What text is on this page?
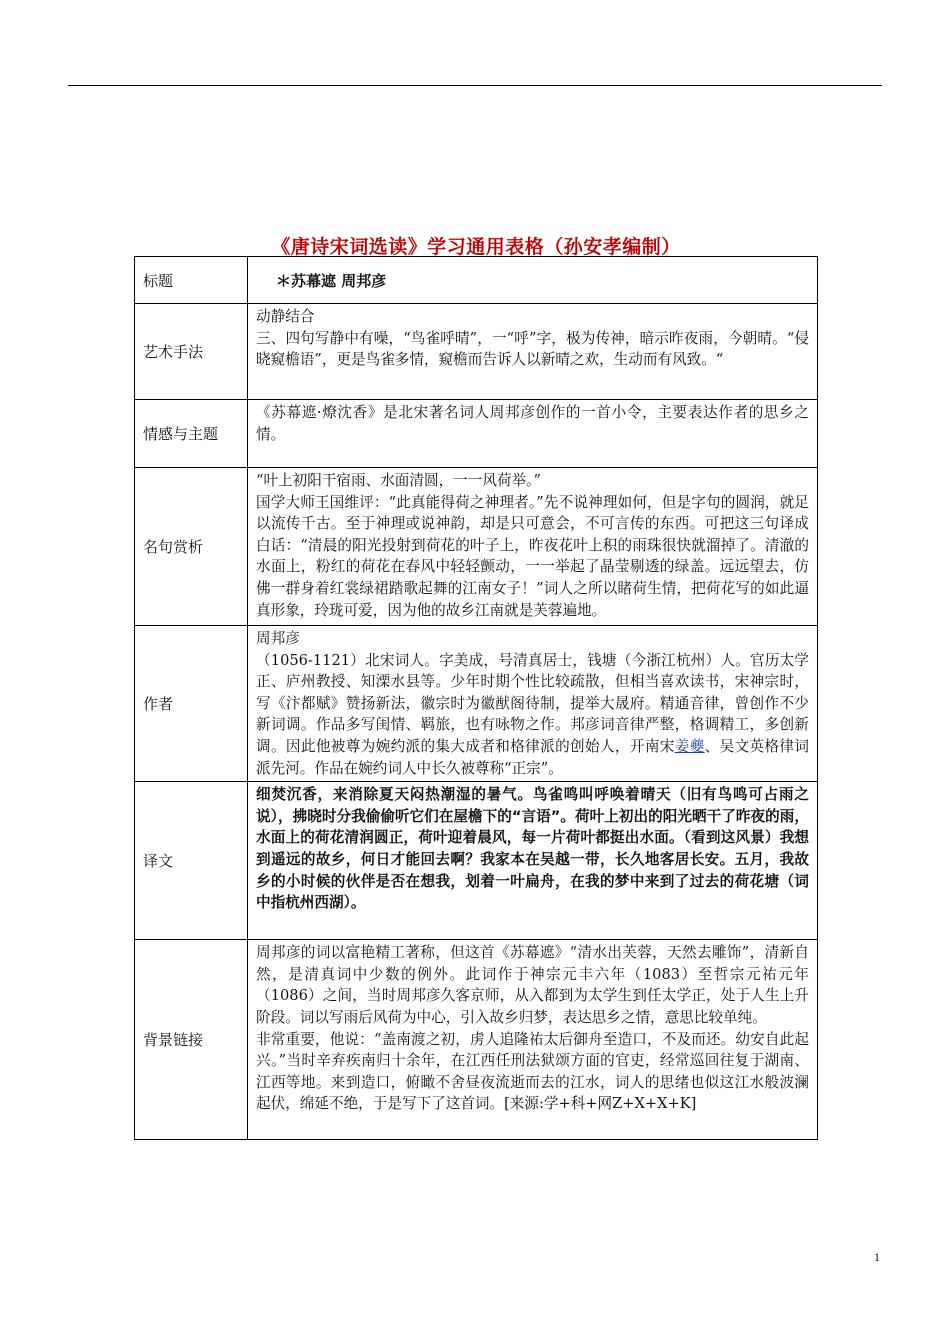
《唐诗宋词选读》学习通用表格（孙安孝编制）
标题	＊苏幕遮 周邦彦
艺术手法	动静结合
三、四句写静中有噪，“鸟雀呼晴”，一“呼”字，极为传神，暗示昨夜雨，今朝晴。“侵晓窥檐语”，更是鸟雀多情，窥檐而告诉人以新晴之欢，生动而有风致。“

情感与主题	《苏幕遮·燎沈香》是北宋著名词人周邦彦创作的一首小令，主要表达作者的思乡之情。
名句赏析	“叶上初阳干宿雨、水面清圆，一一风荷举。”
国学大师王国维评：“此真能得荷之神理者。”先不说神理如何，但是字句的圆润，就足以流传千古。至于神理或说神韵，却是只可意会，不可言传的东西。可把这三句译成白话：“清晨的阳光投射到荷花的叶子上，昨夜花叶上积的雨珠很快就溜掉了。清澈的水面上，粉红的荷花在春风中轻轻颤动，一一举起了晶莹剔透的绿盖。远远望去，仿佛一群身着红裳绿裙踏歌起舞的江南女子！”词人之所以睹荷生情，把荷花写的如此逼真形象，玲珑可爱，因为他的故乡江南就是芙蓉遍地。

作者	周邦彦
（1056-1121）北宋词人。字美成，号清真居士，钱塘（今浙江杭州）人。官历太学正、庐州教授、知溧水县等。少年时期个性比较疏散，但相当喜欢读书，宋神宗时，写《汴都赋》赞扬新法，徽宗时为徽猷阁待制，提举大晟府。精通音律，曾创作不少新词调。作品多写闺情、羁旅，也有咏物之作。邦彦词音律严整，格调精工，多创新调。因此他被尊为婉约派的集大成者和格律派的创始人，开南宋姜夔、吴文英格律词派先河。作品在婉约词人中长久被尊称“正宗”。

译文	细焚沉香，来消除夏天闷热潮湿的暑气。鸟雀鸣叫呼唤着晴天（旧有鸟鸣可占雨之说），拂晓时分我偷偷听它们在屋檐下的“言语”。荷叶上初出的阳光晒干了昨夜的雨，水面上的荷花清润圆正，荷叶迎着晨风，每一片荷叶都挺出水面。（看到这风景）我想到遥远的故乡，何日才能回去啊？我家本在吴越一带，长久地客居长安。五月，我故乡的小时候的伙伴是否在想我，划着一叶扁舟，在我的梦中来到了过去的荷花塘（词中指杭州西湖）。
背景链接	周邦彦的词以富艳精工著称，但这首《苏幕遮》“清水出芙蓉，天然去雕饰”，清新自然，是清真词中少数的例外。此词作于神宗元丰六年（1083）至哲宗元祐元年（1086）之间，当时周邦彦久客京师，从入都到为太学生到任太学正，处于人生上升阶段。词以写雨后风荷为中心，引入故乡归梦，表达思乡之情，意思比较单纯。
非常重要，他说：“盖南渡之初，虏人追隆祐太后御舟至造口，不及而还。幼安自此起兴。”当时辛弃疾南归十余年，在江西任刑法狱颂方面的官吏，经常巡回往复于湖南、江西等地。来到造口，俯瞰不舍昼夜流逝而去的江水，词人的思绪也似这江水般波澜起伏，绵延不绝，于是写下了这首词。[来源:学+科+网Z+X+X+K]
1
